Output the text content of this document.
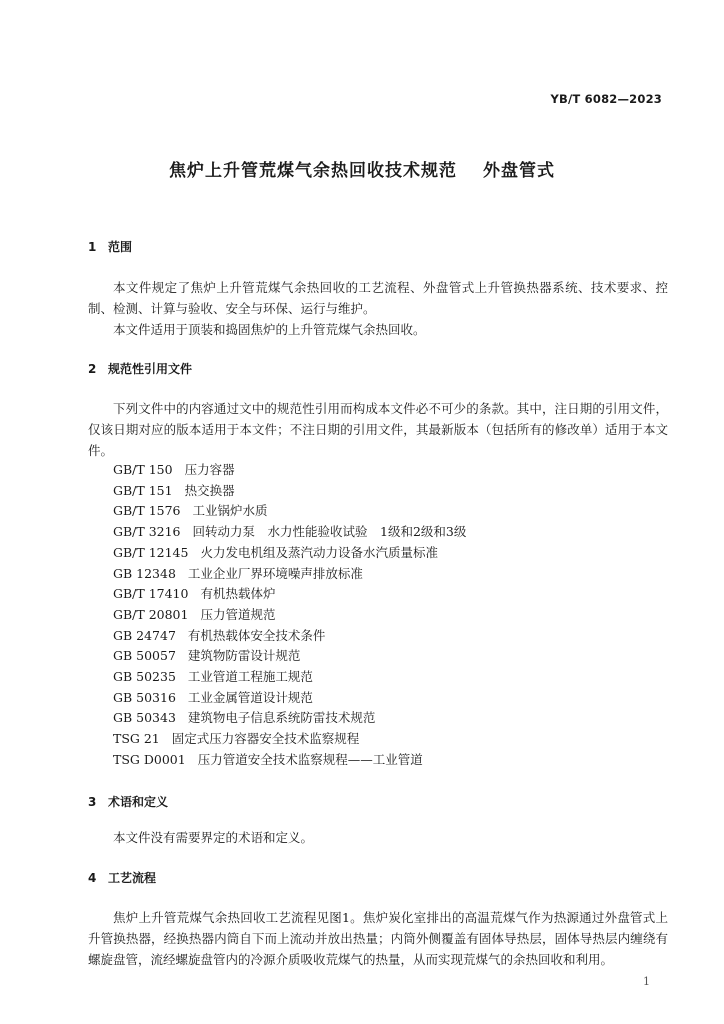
YB/T 6082—2023
焦炉上升管荒煤气余热回收技术规范 外盘管式
1 范围

本文件规定了焦炉上升管荒煤气余热回收的工艺流程、外盘管式上升管换热器系统、技术要求、控制、检测、计算与验收、安全与环保、运行与维护。

本文件适用于顶装和捣固焦炉的上升管荒煤气余热回收。

2 规范性引用文件

下列文件中的内容通过文中的规范性引用而构成本文件必不可少的条款。其中，注日期的引用文件，仅该日期对应的版本适用于本文件；不注日期的引用文件，其最新版本（包括所有的修改单）适用于本文件。

GB/T 150 压力容器
GB/T 151 热交换器
GB/T 1576 工业锅炉水质
GB/T 3216 回转动力泵　水力性能验收试验　1级和2级和3级
GB/T 12145 火力发电机组及蒸汽动力设备水汽质量标准
GB 12348 工业企业厂界环境噪声排放标准
GB/T 17410 有机热载体炉
GB/T 20801 压力管道规范
GB 24747 有机热载体安全技术条件
GB 50057 建筑物防雷设计规范
GB 50235 工业管道工程施工规范
GB 50316 工业金属管道设计规范
GB 50343 建筑物电子信息系统防雷技术规范
TSG 21 固定式压力容器安全技术监察规程
TSG D0001 压力管道安全技术监察规程——工业管道
3 术语和定义

本文件没有需要界定的术语和定义。

4 工艺流程

焦炉上升管荒煤气余热回收工艺流程见图1。焦炉炭化室排出的高温荒煤气作为热源通过外盘管式上升管换热器，经换热器内筒自下而上流动并放出热量；内筒外侧覆盖有固体导热层，固体导热层内缠绕有螺旋盘管，流经螺旋盘管内的冷源介质吸收荒煤气的热量，从而实现荒煤气的余热回收和利用。

1
